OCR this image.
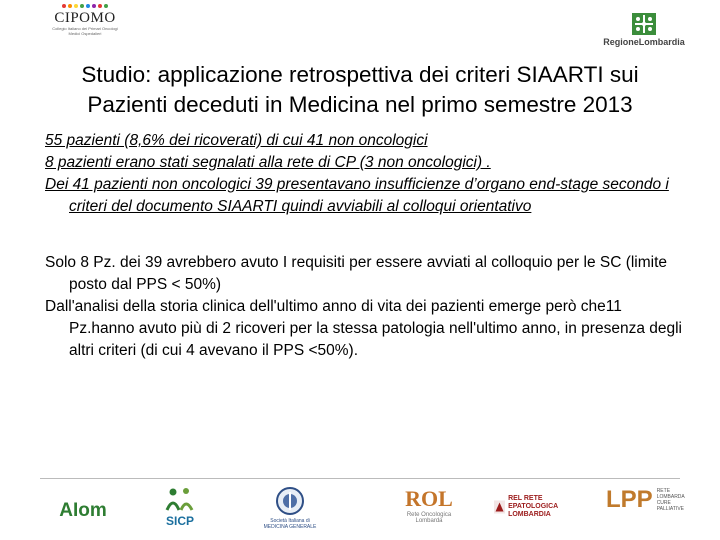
CIPOMO
Collegio Italiano dei Primari Oncologi Medici Ospedalieri
RegioneLombardia
Studio: applicazione retrospettiva dei criteri SIAARTI sui
Pazienti deceduti in Medicina nel primo semestre 2013

55 pazienti (8,6% dei ricoverati) di cui 41 non oncologici

8 pazienti erano stati segnalati alla rete di CP (3 non oncologici) .

Dei 41 pazienti non oncologici 39 presentavano insufficienze d’organo end-stage secondo i criteri del documento SIAARTI quindi avviabili al colloqui orientativo

Solo 8 Pz. dei 39 avrebbero avuto I requisiti per essere avviati al colloquio per le SC (limite posto dal PPS < 50%)

Dall'analisi della storia clinica dell'ultimo anno di vita dei pazienti emerge però che11 Pz.hanno avuto più di 2 ricoveri per la stessa patologia nell'ultimo anno, in presenza degli altri criteri (di cui 4 avevano il PPS <50%).

AIom	SICP	Società Italiana di MEDICINA GENERALE
ROL
Rete Oncologica Lombarda
REL RETE EPATOLOGICA LOMBARDIA
LPP RETE LOMBARDA CURE PALLIATIVE
